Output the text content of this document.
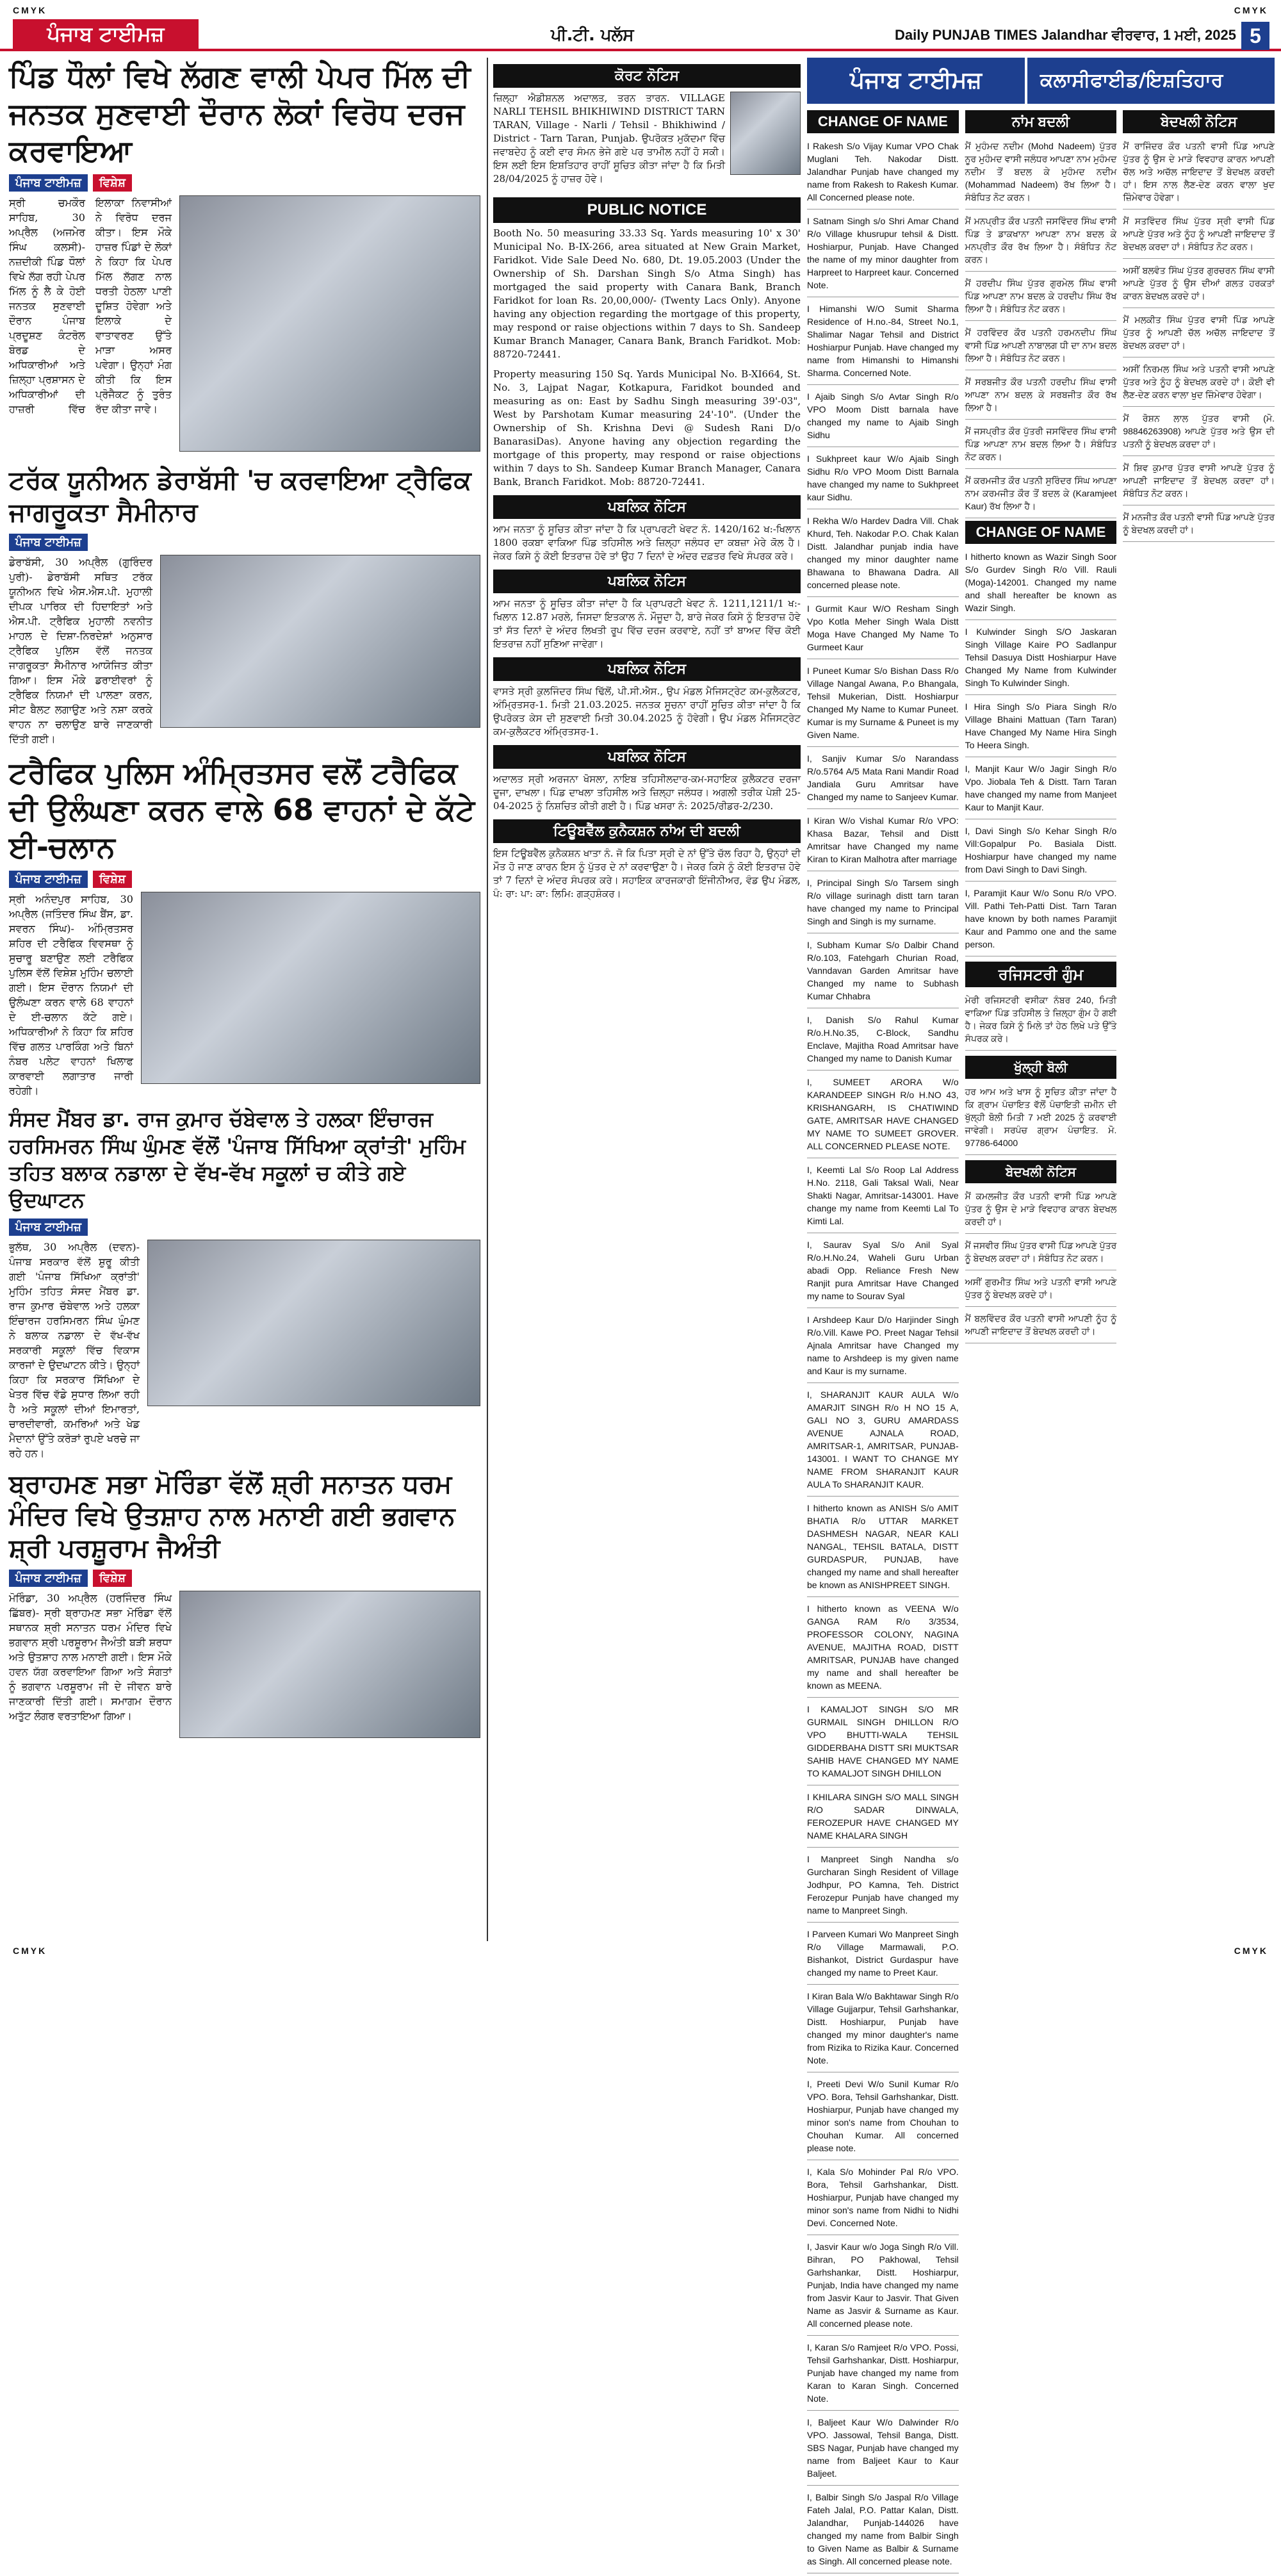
CMYK	CMYK
ਪੰਜਾਬ ਟਾਈਮਜ਼	ਪੀ.ਟੀ. ਪਲੱਸ	Daily PUNJAB TIMES Jalandhar ਵੀਰਵਾਰ, 1 ਮਈ, 2025 5
ਪਿੰਡ ਧੌਲਾਂ ਵਿਖੇ ਲੱਗਣ ਵਾਲੀ ਪੇਪਰ ਮਿੱਲ ਦੀ ਜਨਤਕ ਸੁਣਵਾਈ ਦੌਰਾਨ ਲੋਕਾਂ ਵਿਰੋਧ ਦਰਜ ਕਰਵਾਇਆ
ਪੰਜਾਬ ਟਾਈਮਜ਼	ਵਿਸ਼ੇਸ਼
ਸ੍ਰੀ ਚਮਕੌਰ ਸਾਹਿਬ, 30 ਅਪ੍ਰੈਲ (ਅਜਮੇਰ ਸਿੰਘ ਕਲਸੀ)- ਨਜ਼ਦੀਕੀ ਪਿੰਡ ਧੌਲਾਂ ਵਿਖੇ ਲੱਗ ਰਹੀ ਪੇਪਰ ਮਿੱਲ ਨੂੰ ਲੈ ਕੇ ਹੋਈ ਜਨਤਕ ਸੁਣਵਾਈ ਦੌਰਾਨ ਪੰਜਾਬ ਪ੍ਰਦੂਸ਼ਣ ਕੰਟਰੋਲ ਬੋਰਡ ਦੇ ਅਧਿਕਾਰੀਆਂ ਅਤੇ ਜ਼ਿਲ੍ਹਾ ਪ੍ਰਸ਼ਾਸਨ ਦੇ ਅਧਿਕਾਰੀਆਂ ਦੀ ਹਾਜ਼ਰੀ ਵਿੱਚ ਇਲਾਕਾ ਨਿਵਾਸੀਆਂ ਨੇ ਵਿਰੋਧ ਦਰਜ ਕੀਤਾ। ਇਸ ਮੌਕੇ ਹਾਜ਼ਰ ਪਿੰਡਾਂ ਦੇ ਲੋਕਾਂ ਨੇ ਕਿਹਾ ਕਿ ਪੇਪਰ ਮਿੱਲ ਲੱਗਣ ਨਾਲ ਧਰਤੀ ਹੇਠਲਾ ਪਾਣੀ ਦੂਸ਼ਿਤ ਹੋਵੇਗਾ ਅਤੇ ਇਲਾਕੇ ਦੇ ਵਾਤਾਵਰਣ ਉੱਤੇ ਮਾੜਾ ਅਸਰ ਪਵੇਗਾ। ਉਨ੍ਹਾਂ ਮੰਗ ਕੀਤੀ ਕਿ ਇਸ ਪ੍ਰੋਜੈਕਟ ਨੂੰ ਤੁਰੰਤ ਰੱਦ ਕੀਤਾ ਜਾਵੇ।
ਟਰੱਕ ਯੂਨੀਅਨ ਡੇਰਾਬੱਸੀ 'ਚ ਕਰਵਾਇਆ ਟ੍ਰੈਫਿਕ ਜਾਗਰੂਕਤਾ ਸੈਮੀਨਾਰ
ਪੰਜਾਬ ਟਾਈਮਜ਼
ਡੇਰਾਬੱਸੀ, 30 ਅਪ੍ਰੈਲ (ਗੁਰਿੰਦਰ ਪੁਰੀ)- ਡੇਰਾਬੱਸੀ ਸਥਿਤ ਟਰੱਕ ਯੂਨੀਅਨ ਵਿਖੇ ਐਸ.ਐਸ.ਪੀ. ਮੁਹਾਲੀ ਦੀਪਕ ਪਾਰਿਕ ਦੀ ਹਿਦਾਇਤਾਂ ਅਤੇ ਐਸ.ਪੀ. ਟ੍ਰੈਫਿਕ ਮੁਹਾਲੀ ਨਵਨੀਤ ਮਾਹਲ ਦੇ ਦਿਸ਼ਾ-ਨਿਰਦੇਸ਼ਾਂ ਅਨੁਸਾਰ ਟ੍ਰੈਫਿਕ ਪੁਲਿਸ ਵੱਲੋਂ ਜਨਤਕ ਜਾਗਰੂਕਤਾ ਸੈਮੀਨਾਰ ਆਯੋਜਿਤ ਕੀਤਾ ਗਿਆ। ਇਸ ਮੌਕੇ ਡਰਾਈਵਰਾਂ ਨੂੰ ਟ੍ਰੈਫਿਕ ਨਿਯਮਾਂ ਦੀ ਪਾਲਣਾ ਕਰਨ, ਸੀਟ ਬੈਲਟ ਲਗਾਉਣ ਅਤੇ ਨਸ਼ਾ ਕਰਕੇ ਵਾਹਨ ਨਾ ਚਲਾਉਣ ਬਾਰੇ ਜਾਣਕਾਰੀ ਦਿੱਤੀ ਗਈ।
ਟਰੈਫਿਕ ਪੁਲਿਸ ਅੰਮ੍ਰਿਤਸਰ ਵਲੋਂ ਟਰੈਫਿਕ ਦੀ ਉਲੰਘਣਾ ਕਰਨ ਵਾਲੇ 68 ਵਾਹਨਾਂ ਦੇ ਕੱਟੇ ਈ-ਚਲਾਨ
ਪੰਜਾਬ ਟਾਈਮਜ਼	ਵਿਸ਼ੇਸ਼
ਸ੍ਰੀ ਅਨੰਦਪੁਰ ਸਾਹਿਬ, 30 ਅਪ੍ਰੈਲ (ਜਤਿੰਦਰ ਸਿੰਘ ਬੈਂਸ, ਡਾ. ਸਵਰਨ ਸਿੰਘ)- ਅੰਮ੍ਰਿਤਸਰ ਸ਼ਹਿਰ ਦੀ ਟਰੈਫਿਕ ਵਿਵਸਥਾ ਨੂੰ ਸੁਚਾਰੂ ਬਣਾਉਣ ਲਈ ਟਰੈਫਿਕ ਪੁਲਿਸ ਵੱਲੋਂ ਵਿਸ਼ੇਸ਼ ਮੁਹਿੰਮ ਚਲਾਈ ਗਈ। ਇਸ ਦੌਰਾਨ ਨਿਯਮਾਂ ਦੀ ਉਲੰਘਣਾ ਕਰਨ ਵਾਲੇ 68 ਵਾਹਨਾਂ ਦੇ ਈ-ਚਲਾਨ ਕੱਟੇ ਗਏ। ਅਧਿਕਾਰੀਆਂ ਨੇ ਕਿਹਾ ਕਿ ਸ਼ਹਿਰ ਵਿੱਚ ਗਲਤ ਪਾਰਕਿੰਗ ਅਤੇ ਬਿਨਾਂ ਨੰਬਰ ਪਲੇਟ ਵਾਹਨਾਂ ਖਿਲਾਫ ਕਾਰਵਾਈ ਲਗਾਤਾਰ ਜਾਰੀ ਰਹੇਗੀ।
ਸੰਸਦ ਮੈਂਬਰ ਡਾ. ਰਾਜ ਕੁਮਾਰ ਚੱਬੇਵਾਲ ਤੇ ਹਲਕਾ ਇੰਚਾਰਜ ਹਰਸਿਮਰਨ ਸਿੰਘ ਘੁੰਮਣ ਵੱਲੋਂ 'ਪੰਜਾਬ ਸਿੱਖਿਆ ਕ੍ਰਾਂਤੀ' ਮੁਹਿੰਮ ਤਹਿਤ ਬਲਾਕ ਨਡਾਲਾ ਦੇ ਵੱਖ-ਵੱਖ ਸਕੂਲਾਂ ਚ ਕੀਤੇ ਗਏ ਉਦਘਾਟਨ
ਪੰਜਾਬ ਟਾਈਮਜ਼
ਭੁਲੱਥ, 30 ਅਪ੍ਰੈਲ (ਦਵਨ)- ਪੰਜਾਬ ਸਰਕਾਰ ਵੱਲੋਂ ਸ਼ੁਰੂ ਕੀਤੀ ਗਈ 'ਪੰਜਾਬ ਸਿੱਖਿਆ ਕ੍ਰਾਂਤੀ' ਮੁਹਿੰਮ ਤਹਿਤ ਸੰਸਦ ਮੈਂਬਰ ਡਾ. ਰਾਜ ਕੁਮਾਰ ਚੱਬੇਵਾਲ ਅਤੇ ਹਲਕਾ ਇੰਚਾਰਜ ਹਰਸਿਮਰਨ ਸਿੰਘ ਘੁੰਮਣ ਨੇ ਬਲਾਕ ਨਡਾਲਾ ਦੇ ਵੱਖ-ਵੱਖ ਸਰਕਾਰੀ ਸਕੂਲਾਂ ਵਿੱਚ ਵਿਕਾਸ ਕਾਰਜਾਂ ਦੇ ਉਦਘਾਟਨ ਕੀਤੇ। ਉਨ੍ਹਾਂ ਕਿਹਾ ਕਿ ਸਰਕਾਰ ਸਿੱਖਿਆ ਦੇ ਖੇਤਰ ਵਿੱਚ ਵੱਡੇ ਸੁਧਾਰ ਲਿਆ ਰਹੀ ਹੈ ਅਤੇ ਸਕੂਲਾਂ ਦੀਆਂ ਇਮਾਰਤਾਂ, ਚਾਰਦੀਵਾਰੀ, ਕਮਰਿਆਂ ਅਤੇ ਖੇਡ ਮੈਦਾਨਾਂ ਉੱਤੇ ਕਰੋੜਾਂ ਰੁਪਏ ਖਰਚੇ ਜਾ ਰਹੇ ਹਨ।
ਬ੍ਰਾਹਮਣ ਸਭਾ ਮੋਰਿੰਡਾ ਵੱਲੋਂ ਸ਼੍ਰੀ ਸਨਾਤਨ ਧਰਮ ਮੰਦਿਰ ਵਿਖੇ ਉਤਸ਼ਾਹ ਨਾਲ ਮਨਾਈ ਗਈ ਭਗਵਾਨ ਸ਼੍ਰੀ ਪਰਸ਼ੂਰਾਮ ਜੈਅੰਤੀ
ਪੰਜਾਬ ਟਾਈਮਜ਼	ਵਿਸ਼ੇਸ਼
ਮੋਰਿੰਡਾ, 30 ਅਪ੍ਰੈਲ (ਹਰਜਿੰਦਰ ਸਿੰਘ ਛਿੱਬਰ)- ਸ੍ਰੀ ਬ੍ਰਾਹਮਣ ਸਭਾ ਮੋਰਿੰਡਾ ਵੱਲੋਂ ਸਥਾਨਕ ਸ਼੍ਰੀ ਸਨਾਤਨ ਧਰਮ ਮੰਦਿਰ ਵਿਖੇ ਭਗਵਾਨ ਸ਼੍ਰੀ ਪਰਸ਼ੂਰਾਮ ਜੈਅੰਤੀ ਬੜੀ ਸ਼ਰਧਾ ਅਤੇ ਉਤਸ਼ਾਹ ਨਾਲ ਮਨਾਈ ਗਈ। ਇਸ ਮੌਕੇ ਹਵਨ ਯੱਗ ਕਰਵਾਇਆ ਗਿਆ ਅਤੇ ਸੰਗਤਾਂ ਨੂੰ ਭਗਵਾਨ ਪਰਸ਼ੂਰਾਮ ਜੀ ਦੇ ਜੀਵਨ ਬਾਰੇ ਜਾਣਕਾਰੀ ਦਿੱਤੀ ਗਈ। ਸਮਾਗਮ ਦੌਰਾਨ ਅਤੁੱਟ ਲੰਗਰ ਵਰਤਾਇਆ ਗਿਆ।
ਕੋਰਟ ਨੋਟਿਸ
ਜ਼ਿਲ੍ਹਾ ਐਡੀਸ਼ਨਲ ਅਦਾਲਤ, ਤਰਨ ਤਾਰਨ. VILLAGE NARLI TEHSIL BHIKHIWIND DISTRICT TARN TARAN, Village - Narli / Tehsil - Bhikhiwind / District - Tarn Taran, Punjab. ਉਪਰੋਕਤ ਮੁਕੱਦਮਾ ਵਿੱਚ ਜਵਾਬਦੇਹ ਨੂੰ ਕਈ ਵਾਰ ਸੰਮਨ ਭੇਜੇ ਗਏ ਪਰ ਤਾਮੀਲ ਨਹੀਂ ਹੋ ਸਕੀ। ਇਸ ਲਈ ਇਸ ਇਸ਼ਤਿਹਾਰ ਰਾਹੀਂ ਸੂਚਿਤ ਕੀਤਾ ਜਾਂਦਾ ਹੈ ਕਿ ਮਿਤੀ 28/04/2025 ਨੂੰ ਹਾਜ਼ਰ ਹੋਵੇ।
PUBLIC NOTICE
Booth No. 50 measuring 33.33 Sq. Yards measuring 10' x 30' Municipal No. B-IX-266, area situated at New Grain Market, Faridkot. Vide Sale Deed No. 680, Dt. 19.05.2003 (Under the Ownership of Sh. Darshan Singh S/o Atma Singh) has mortgaged the said property with Canara Bank, Branch Faridkot for loan Rs. 20,00,000/- (Twenty Lacs Only). Anyone having any objection regarding the mortgage of this property, may respond or raise objections within 7 days to Sh. Sandeep Kumar Branch Manager, Canara Bank, Branch Faridkot. Mob: 88720-72441.
Property measuring 150 Sq. Yards Municipal No. B-XI664, St. No. 3, Lajpat Nagar, Kotkapura, Faridkot bounded and measuring as on: East by Sadhu Singh measuring 39'-03", West by Parshotam Kumar measuring 24'-10". (Under the Ownership of Sh. Krishna Devi @ Sudesh Rani D/o BanarasiDas). Anyone having any objection regarding the mortgage of this property, may respond or raise objections within 7 days to Sh. Sandeep Kumar Branch Manager, Canara Bank, Branch Faridkot. Mob: 88720-72441.
ਪਬਲਿਕ ਨੋਟਿਸ
ਆਮ ਜਨਤਾ ਨੂੰ ਸੂਚਿਤ ਕੀਤਾ ਜਾਂਦਾ ਹੈ ਕਿ ਪ੍ਰਾਪਰਟੀ ਖੇਵਟ ਨੰ. 1420/162 ਖ:-ਖਿਲਾਨ 1800 ਰਕਬਾ ਵਾਕਿਆ ਪਿੰਡ ਤਹਿਸੀਲ ਅਤੇ ਜ਼ਿਲ੍ਹਾ ਜਲੰਧਰ ਦਾ ਕਬਜ਼ਾ ਮੇਰੇ ਕੋਲ ਹੈ। ਜੇਕਰ ਕਿਸੇ ਨੂੰ ਕੋਈ ਇਤਰਾਜ਼ ਹੋਵੇ ਤਾਂ ਉਹ 7 ਦਿਨਾਂ ਦੇ ਅੰਦਰ ਦਫ਼ਤਰ ਵਿਖੇ ਸੰਪਰਕ ਕਰੇ।
ਪਬਲਿਕ ਨੋਟਿਸ
ਆਮ ਜਨਤਾ ਨੂੰ ਸੂਚਿਤ ਕੀਤਾ ਜਾਂਦਾ ਹੈ ਕਿ ਪ੍ਰਾਪਰਟੀ ਖੇਵਟ ਨੰ. 1211,1211/1 ਖ:-ਖਿਲਾਨ 12.87 ਮਰਲੇ, ਜਿਸਦਾ ਇਤਕਾਲ ਨੰ. ਮੌਜੂਦਾ ਹੈ, ਬਾਰੇ ਜੇਕਰ ਕਿਸੇ ਨੂੰ ਇਤਰਾਜ਼ ਹੋਵੇ ਤਾਂ ਸੱਤ ਦਿਨਾਂ ਦੇ ਅੰਦਰ ਲਿਖਤੀ ਰੂਪ ਵਿੱਚ ਦਰਜ ਕਰਵਾਏ, ਨਹੀਂ ਤਾਂ ਬਾਅਦ ਵਿੱਚ ਕੋਈ ਇਤਰਾਜ਼ ਨਹੀਂ ਸੁਣਿਆ ਜਾਵੇਗਾ।
ਪਬਲਿਕ ਨੋਟਿਸ
ਵਾਸਤੇ ਸ੍ਰੀ ਕੁਲਜਿੰਦਰ ਸਿੰਘ ਢਿੱਲੋਂ, ਪੀ.ਸੀ.ਐਸ., ਉਪ ਮੰਡਲ ਮੈਜਿਸਟ੍ਰੇਟ ਕਮ-ਕੁਲੈਕਟਰ, ਅੰਮ੍ਰਿਤਸਰ-1. ਮਿਤੀ 21.03.2025. ਜਨਤਕ ਸੂਚਨਾ ਰਾਹੀਂ ਸੂਚਿਤ ਕੀਤਾ ਜਾਂਦਾ ਹੈ ਕਿ ਉਪਰੋਕਤ ਕੇਸ ਦੀ ਸੁਣਵਾਈ ਮਿਤੀ 30.04.2025 ਨੂੰ ਹੋਵੇਗੀ। ਉਪ ਮੰਡਲ ਮੈਜਿਸਟ੍ਰੇਟ ਕਮ-ਕੁਲੈਕਟਰ ਅੰਮ੍ਰਿਤਸਰ-1.
ਪਬਲਿਕ ਨੋਟਿਸ
ਅਦਾਲਤ ਸ੍ਰੀ ਅਰਜਨਾ ਖੋਸਲਾ, ਨਾਇਬ ਤਹਿਸੀਲਦਾਰ-ਕਮ-ਸਹਾਇਕ ਕੁਲੈਕਟਰ ਦਰਜਾ ਦੂਜਾ, ਦਾਖਲਾ। ਪਿੰਡ ਦਾਖਲਾ ਤਹਿਸੀਲ ਅਤੇ ਜ਼ਿਲ੍ਹਾ ਜਲੰਧਰ। ਅਗਲੀ ਤਰੀਕ ਪੇਸ਼ੀ 25-04-2025 ਨੂੰ ਨਿਸ਼ਚਿਤ ਕੀਤੀ ਗਈ ਹੈ। ਪਿੰਡ ਖਸਰਾ ਨੰ: 2025/ਰੀਡਰ-2/230.
ਟਿਊਬਵੈੱਲ ਕੁਨੈਕਸ਼ਨ ਨਾਂਅ ਦੀ ਬਦਲੀ
ਇਸ ਟਿਊਬਵੈੱਲ ਕੁਨੈਕਸ਼ਨ ਖਾਤਾ ਨੰ. ਜੋ ਕਿ ਪਿਤਾ ਸ੍ਰੀ ਦੇ ਨਾਂ ਉੱਤੇ ਚੱਲ ਰਿਹਾ ਹੈ, ਉਨ੍ਹਾਂ ਦੀ ਮੌਤ ਹੋ ਜਾਣ ਕਾਰਨ ਇਸ ਨੂੰ ਪੁੱਤਰ ਦੇ ਨਾਂ ਕਰਵਾਉਣਾ ਹੈ। ਜੇਕਰ ਕਿਸੇ ਨੂੰ ਕੋਈ ਇਤਰਾਜ਼ ਹੋਵੇ ਤਾਂ 7 ਦਿਨਾਂ ਦੇ ਅੰਦਰ ਸੰਪਰਕ ਕਰੇ। ਸਹਾਇਕ ਕਾਰਜਕਾਰੀ ਇੰਜੀਨੀਅਰ, ਵੰਡ ਉਪ ਮੰਡਲ, ਪੰ: ਰਾ: ਪਾ: ਕਾ: ਲਿਮਿ: ਗੜ੍ਹਸ਼ੰਕਰ।
ਪੰਜਾਬ ਟਾਈਮਜ਼	ਕਲਾਸੀਫਾਈਡ/ਇਸ਼ਤਿਹਾਰ
CHANGE OF NAME
I Rakesh S/o Vijay Kumar VPO Chak Muglani Teh. Nakodar Distt. Jalandhar Punjab have changed my name from Rakesh to Rakesh Kumar. All Concerned please note.
I Satnam Singh s/o Shri Amar Chand R/o Village khusrupur tehsil & Distt. Hoshiarpur, Punjab. Have Changed the name of my minor daughter from Harpreet to Harpreet kaur. Concerned Note.
I Himanshi W/O Sumit Sharma Residence of H.no.-84, Street No.1, Shalimar Nagar Tehsil and District Hoshiarpur Punjab. Have changed my name from Himanshi to Himanshi Sharma. Concerned Note.
I Ajaib Singh S/o Avtar Singh R/o VPO Moom Distt barnala have changed my name to Ajaib Singh Sidhu
I Sukhpreet kaur W/o Ajaib Singh Sidhu R/o VPO Moom Distt Barnala have changed my name to Sukhpreet kaur Sidhu.
I Rekha W/o Hardev Dadra Vill. Chak Khurd, Teh. Nakodar P.O. Chak Kalan Distt. Jalandhar punjab india have changed my minor daughter name Bhawana to Bhawana Dadra. All concerned please note.
I Gurmit Kaur W/O Resham Singh Vpo Kotla Meher Singh Wala Distt Moga Have Changed My Name To Gurmeet Kaur
I Puneet Kumar S/o Bishan Dass R/o Village Nangal Awana, P.o Bhangala, Tehsil Mukerian, Distt. Hoshiarpur Changed My Name to Kumar Puneet. Kumar is my Surname & Puneet is my Given Name.
I, Sanjiv Kumar S/o Narandass R/o.5764 A/5 Mata Rani Mandir Road Jandiala Guru Amritsar have Changed my name to Sanjeev Kumar.
I Kiran W/o Vishal Kumar R/o VPO: Khasa Bazar, Tehsil and Distt Amritsar have Changed my name Kiran to Kiran Malhotra after marriage
I, Principal Singh S/o Tarsem singh R/o village surinagh distt tarn taran have changed my name to Principal Singh and Singh is my surname.
I, Subham Kumar S/o Dalbir Chand R/o.103, Fatehgarh Churian Road, Vanndavan Garden Amritsar have Changed my name to Subhash Kumar Chhabra
I, Danish S/o Rahul Kumar R/o.H.No.35, C-Block, Sandhu Enclave, Majitha Road Amritsar have Changed my name to Danish Kumar
I, SUMEET ARORA W/o KARANDEEP SINGH R/o H.NO 43, KRISHANGARH, IS CHATIWIND GATE, AMRITSAR HAVE CHANGED MY NAME TO SUMEET GROVER. ALL CONCERNED PLEASE NOTE.
I, Keemti Lal S/o Roop Lal Address H.No. 2118, Gali Taksal Wali, Near Shakti Nagar, Amritsar-143001. Have change my name from Keemti Lal To Kimti Lal.
I, Saurav Syal S/o Anil Syal R/o.H.No.24, Waheli Guru Urban abadi Opp. Reliance Fresh New Ranjit pura Amritsar Have Changed my name to Sourav Syal
I Arshdeep Kaur D/o Harjinder Singh R/o.Vill. Kawe PO. Preet Nagar Tehsil Ajnala Amritsar have Changed my name to Arshdeep is my given name and Kaur is my surname.
I, SHARANJIT KAUR AULA W/o AMARJIT SINGH R/o H NO 15 A, GALI NO 3, GURU AMARDASS AVENUE AJNALA ROAD, AMRITSAR-1, AMRITSAR, PUNJAB-143001. I WANT TO CHANGE MY NAME FROM SHARANJIT KAUR AULA To SHARANJIT KAUR.
I hitherto known as ANISH S/o AMIT BHATIA R/o UTTAR MARKET DASHMESH NAGAR, NEAR KALI NANGAL, TEHSIL BATALA, DISTT GURDASPUR, PUNJAB, have changed my name and shall hereafter be known as ANISHPREET SINGH.
I hitherto known as VEENA W/o GANGA RAM R/o 3/3534, PROFESSOR COLONY, NAGINA AVENUE, MAJITHA ROAD, DISTT AMRITSAR, PUNJAB have changed my name and shall hereafter be known as MEENA.
I KAMALJOT SINGH S/O MR GURMAIL SINGH DHILLON R/O VPO BHUTTI-WALA TEHSIL GIDDERBAHA DISTT SRI MUKTSAR SAHIB HAVE CHANGED MY NAME TO KAMALJOT SINGH DHILLON
I KHILARA SINGH S/O MALL SINGH R/O SADAR DINWALA, FEROZEPUR HAVE CHANGED MY NAME KHALARA SINGH
I Manpreet Singh Nandha s/o Gurcharan Singh Resident of Village Jodhpur, PO Kamna, Teh. District Ferozepur Punjab have changed my name to Manpreet Singh.
I Parveen Kumari Wo Manpreet Singh R/o Village Marmawali, P.O. Bishankot, District Gurdaspur have changed my name to Preet Kaur.
I Kiran Bala W/o Bakhtawar Singh R/o Village Gujjarpur, Tehsil Garhshankar, Distt. Hoshiarpur, Punjab have changed my minor daughter's name from Rizika to Rizika Kaur. Concerned Note.
I, Preeti Devi W/o Sunil Kumar R/o VPO. Bora, Tehsil Garhshankar, Distt. Hoshiarpur, Punjab have changed my minor son's name from Chouhan to Chouhan Kumar. All concerned please note.
I, Kala S/o Mohinder Pal R/o VPO. Bora, Tehsil Garhshankar, Distt. Hoshiarpur, Punjab have changed my minor son's name from Nidhi to Nidhi Devi. Concerned Note.
I, Jasvir Kaur w/o Joga Singh R/o Vill. Bihran, PO Pakhowal, Tehsil Garhshankar, Distt. Hoshiarpur, Punjab, India have changed my name from Jasvir Kaur to Jasvir. That Given Name as Jasvir & Surname as Kaur. All concerned please note.
I, Karan S/o Ramjeet R/o VPO. Possi, Tehsil Garhshankar, Distt. Hoshiarpur, Punjab have changed my name from Karan to Karan Singh. Concerned Note.
I, Baljeet Kaur W/o Dalwinder R/o VPO. Jassowal, Tehsil Banga, Distt. SBS Nagar, Punjab have changed my name from Baljeet Kaur to Kaur Baljeet.
I, Balbir Singh S/o Jaspal R/o Village Fateh Jalal, P.O. Pattar Kalan, Distt. Jalandhar, Punjab-144026 have changed my name from Balbir Singh to Given Name as Balbir & Surname as Singh. All concerned please note.
ਨਾਂਮ ਬਦਲੀ
ਮੈਂ ਮੁਹੰਮਦ ਨਦੀਮ (Mohd Nadeem) ਪੁੱਤਰ ਨੂਰ ਮੁਹੰਮਦ ਵਾਸੀ ਜਲੰਧਰ ਆਪਣਾ ਨਾਮ ਮੁਹੰਮਦ ਨਦੀਮ ਤੋਂ ਬਦਲ ਕੇ ਮੁਹੰਮਦ ਨਦੀਮ (Mohammad Nadeem) ਰੱਖ ਲਿਆ ਹੈ। ਸੰਬੰਧਿਤ ਨੋਟ ਕਰਨ।
ਮੈਂ ਮਨਪ੍ਰੀਤ ਕੌਰ ਪਤਨੀ ਜਸਵਿੰਦਰ ਸਿੰਘ ਵਾਸੀ ਪਿੰਡ ਤੇ ਡਾਕਖਾਨਾ ਆਪਣਾ ਨਾਮ ਬਦਲ ਕੇ ਮਨਪ੍ਰੀਤ ਕੌਰ ਰੱਖ ਲਿਆ ਹੈ। ਸੰਬੰਧਿਤ ਨੋਟ ਕਰਨ।
ਮੈਂ ਹਰਦੀਪ ਸਿੰਘ ਪੁੱਤਰ ਗੁਰਮੇਲ ਸਿੰਘ ਵਾਸੀ ਪਿੰਡ ਆਪਣਾ ਨਾਮ ਬਦਲ ਕੇ ਹਰਦੀਪ ਸਿੰਘ ਰੱਖ ਲਿਆ ਹੈ। ਸੰਬੰਧਿਤ ਨੋਟ ਕਰਨ।
ਮੈਂ ਹਰਵਿੰਦਰ ਕੌਰ ਪਤਨੀ ਹਰਮਨਦੀਪ ਸਿੰਘ ਵਾਸੀ ਪਿੰਡ ਆਪਣੀ ਨਾਬਾਲਗ ਧੀ ਦਾ ਨਾਮ ਬਦਲ ਲਿਆ ਹੈ। ਸੰਬੰਧਿਤ ਨੋਟ ਕਰਨ।
ਮੈਂ ਸਰਬਜੀਤ ਕੌਰ ਪਤਨੀ ਹਰਦੀਪ ਸਿੰਘ ਵਾਸੀ ਆਪਣਾ ਨਾਮ ਬਦਲ ਕੇ ਸਰਬਜੀਤ ਕੌਰ ਰੱਖ ਲਿਆ ਹੈ।
ਮੈਂ ਜਸਪ੍ਰੀਤ ਕੌਰ ਪੁੱਤਰੀ ਜਸਵਿੰਦਰ ਸਿੰਘ ਵਾਸੀ ਪਿੰਡ ਆਪਣਾ ਨਾਮ ਬਦਲ ਲਿਆ ਹੈ। ਸੰਬੰਧਿਤ ਨੋਟ ਕਰਨ।
ਮੈਂ ਕਰਮਜੀਤ ਕੌਰ ਪਤਨੀ ਸੁਰਿੰਦਰ ਸਿੰਘ ਆਪਣਾ ਨਾਮ ਕਰਮਜੀਤ ਕੌਰ ਤੋਂ ਬਦਲ ਕੇ (Karamjeet Kaur) ਰੱਖ ਲਿਆ ਹੈ।
CHANGE OF NAME
I hitherto known as Wazir Singh Soor S/o Gurdev Singh R/o Vill. Rauli (Moga)-142001. Changed my name and shall hereafter be known as Wazir Singh.
I Kulwinder Singh S/O Jaskaran Singh Village Kaire PO Sadlanpur Tehsil Dasuya Distt Hoshiarpur Have Changed My Name from Kulwinder Singh To Kulwinder Singh.
I Hira Singh S/o Piara Singh R/o Village Bhaini Mattuan (Tarn Taran) Have Changed My Name Hira Singh To Heera Singh.
I, Manjit Kaur W/o Jagir Singh R/o Vpo. Jiobala Teh & Distt. Tarn Taran have changed my name from Manjeet Kaur to Manjit Kaur.
I, Davi Singh S/o Kehar Singh R/o Vill:Gopalpur Po. Basiala Distt. Hoshiarpur have changed my name from Davi Singh to Davi Singh.
I, Paramjit Kaur W/o Sonu R/o VPO. Vill. Pathi Teh-Patti Dist. Tarn Taran have known by both names Paramjit Kaur and Pammo one and the same person.
ਰਜਿਸਟਰੀ ਗੁੰਮ
ਮੇਰੀ ਰਜਿਸਟਰੀ ਵਸੀਕਾ ਨੰਬਰ 240, ਮਿਤੀ ਵਾਕਿਆ ਪਿੰਡ ਤਹਿਸੀਲ ਤੇ ਜ਼ਿਲ੍ਹਾ ਗੁੰਮ ਹੋ ਗਈ ਹੈ। ਜੇਕਰ ਕਿਸੇ ਨੂੰ ਮਿਲੇ ਤਾਂ ਹੇਠ ਲਿਖੇ ਪਤੇ ਉੱਤੇ ਸੰਪਰਕ ਕਰੇ।
ਖੁੱਲ੍ਹੀ ਬੋਲੀ
ਹਰ ਆਮ ਅਤੇ ਖਾਸ ਨੂੰ ਸੂਚਿਤ ਕੀਤਾ ਜਾਂਦਾ ਹੈ ਕਿ ਗ੍ਰਾਮ ਪੰਚਾਇਤ ਵੱਲੋਂ ਪੰਚਾਇਤੀ ਜ਼ਮੀਨ ਦੀ ਖੁੱਲ੍ਹੀ ਬੋਲੀ ਮਿਤੀ 7 ਮਈ 2025 ਨੂੰ ਕਰਵਾਈ ਜਾਵੇਗੀ। ਸਰਪੰਚ ਗ੍ਰਾਮ ਪੰਚਾਇਤ. ਮੋ. 97786-64000
ਬੇਦਖਲੀ ਨੋਟਿਸ
ਮੈਂ ਕਮਲਜੀਤ ਕੌਰ ਪਤਨੀ ਵਾਸੀ ਪਿੰਡ ਆਪਣੇ ਪੁੱਤਰ ਨੂੰ ਉਸ ਦੇ ਮਾੜੇ ਵਿਵਹਾਰ ਕਾਰਨ ਬੇਦਖਲ ਕਰਦੀ ਹਾਂ।
ਮੈਂ ਜਸਵੀਰ ਸਿੰਘ ਪੁੱਤਰ ਵਾਸੀ ਪਿੰਡ ਆਪਣੇ ਪੁੱਤਰ ਨੂੰ ਬੇਦਖਲ ਕਰਦਾ ਹਾਂ। ਸੰਬੰਧਿਤ ਨੋਟ ਕਰਨ।
ਅਸੀਂ ਗੁਰਮੀਤ ਸਿੰਘ ਅਤੇ ਪਤਨੀ ਵਾਸੀ ਆਪਣੇ ਪੁੱਤਰ ਨੂੰ ਬੇਦਖਲ ਕਰਦੇ ਹਾਂ।
ਮੈਂ ਬਲਵਿੰਦਰ ਕੌਰ ਪਤਨੀ ਵਾਸੀ ਆਪਣੀ ਨੂੰਹ ਨੂੰ ਆਪਣੀ ਜਾਇਦਾਦ ਤੋਂ ਬੇਦਖਲ ਕਰਦੀ ਹਾਂ।
ਬੇਦਖਲੀ ਨੋਟਿਸ
ਮੈਂ ਰਾਜਿੰਦਰ ਕੌਰ ਪਤਨੀ ਵਾਸੀ ਪਿੰਡ ਆਪਣੇ ਪੁੱਤਰ ਨੂੰ ਉਸ ਦੇ ਮਾੜੇ ਵਿਵਹਾਰ ਕਾਰਨ ਆਪਣੀ ਚੱਲ ਅਤੇ ਅਚੱਲ ਜਾਇਦਾਦ ਤੋਂ ਬੇਦਖਲ ਕਰਦੀ ਹਾਂ। ਇਸ ਨਾਲ ਲੈਣ-ਦੇਣ ਕਰਨ ਵਾਲਾ ਖੁਦ ਜ਼ਿੰਮੇਵਾਰ ਹੋਵੇਗਾ।
ਮੈਂ ਸਤਵਿੰਦਰ ਸਿੰਘ ਪੁੱਤਰ ਸ੍ਰੀ ਵਾਸੀ ਪਿੰਡ ਆਪਣੇ ਪੁੱਤਰ ਅਤੇ ਨੂੰਹ ਨੂੰ ਆਪਣੀ ਜਾਇਦਾਦ ਤੋਂ ਬੇਦਖਲ ਕਰਦਾ ਹਾਂ। ਸੰਬੰਧਿਤ ਨੋਟ ਕਰਨ।
ਅਸੀਂ ਬਲਵੰਤ ਸਿੰਘ ਪੁੱਤਰ ਗੁਰਚਰਨ ਸਿੰਘ ਵਾਸੀ ਆਪਣੇ ਪੁੱਤਰ ਨੂੰ ਉਸ ਦੀਆਂ ਗਲਤ ਹਰਕਤਾਂ ਕਾਰਨ ਬੇਦਖਲ ਕਰਦੇ ਹਾਂ।
ਮੈਂ ਮਲਕੀਤ ਸਿੰਘ ਪੁੱਤਰ ਵਾਸੀ ਪਿੰਡ ਆਪਣੇ ਪੁੱਤਰ ਨੂੰ ਆਪਣੀ ਚੱਲ ਅਚੱਲ ਜਾਇਦਾਦ ਤੋਂ ਬੇਦਖਲ ਕਰਦਾ ਹਾਂ।
ਅਸੀਂ ਨਿਰਮਲ ਸਿੰਘ ਅਤੇ ਪਤਨੀ ਵਾਸੀ ਆਪਣੇ ਪੁੱਤਰ ਅਤੇ ਨੂੰਹ ਨੂੰ ਬੇਦਖਲ ਕਰਦੇ ਹਾਂ। ਕੋਈ ਵੀ ਲੈਣ-ਦੇਣ ਕਰਨ ਵਾਲਾ ਖੁਦ ਜ਼ਿੰਮੇਵਾਰ ਹੋਵੇਗਾ।
ਮੈਂ ਰੋਸ਼ਨ ਲਾਲ ਪੁੱਤਰ ਵਾਸੀ (ਮੋ. 98846263908) ਆਪਣੇ ਪੁੱਤਰ ਅਤੇ ਉਸ ਦੀ ਪਤਨੀ ਨੂੰ ਬੇਦਖਲ ਕਰਦਾ ਹਾਂ।
ਮੈਂ ਸ਼ਿਵ ਕੁਮਾਰ ਪੁੱਤਰ ਵਾਸੀ ਆਪਣੇ ਪੁੱਤਰ ਨੂੰ ਆਪਣੀ ਜਾਇਦਾਦ ਤੋਂ ਬੇਦਖਲ ਕਰਦਾ ਹਾਂ। ਸੰਬੰਧਿਤ ਨੋਟ ਕਰਨ।
ਮੈਂ ਮਨਜੀਤ ਕੌਰ ਪਤਨੀ ਵਾਸੀ ਪਿੰਡ ਆਪਣੇ ਪੁੱਤਰ ਨੂੰ ਬੇਦਖਲ ਕਰਦੀ ਹਾਂ।
CMYK	CMYK
